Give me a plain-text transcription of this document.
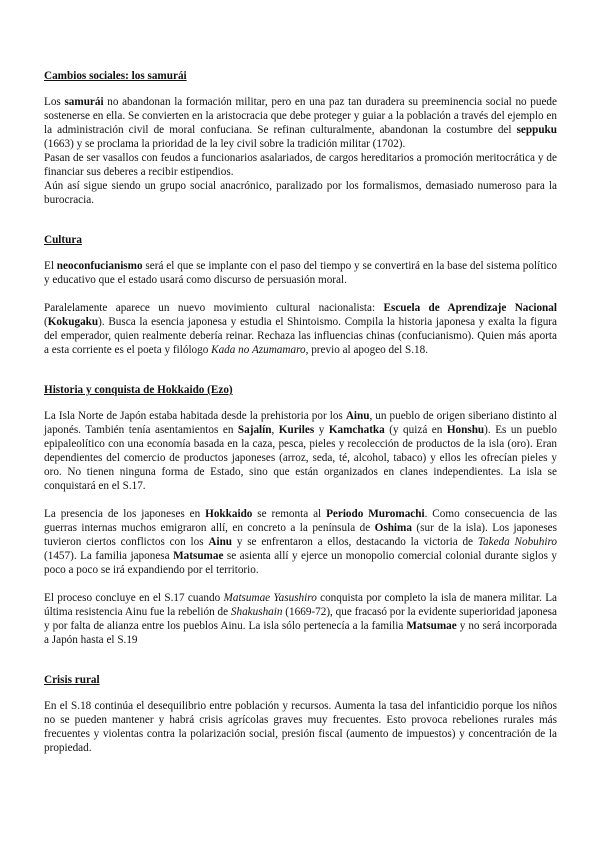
Cambios sociales: los samurái

Los samurái no abandonan la formación militar, pero en una paz tan duradera su preeminencia social no puede sostenerse en ella. Se convierten en la aristocracia que debe proteger y guiar a la población a través del ejemplo en la administración civil de moral confuciana. Se refinan culturalmente, abandonan la costumbre del seppuku (1663) y se proclama la prioridad de la ley civil sobre la tradición militar (1702).

Pasan de ser vasallos con feudos a funcionarios asalariados, de cargos hereditarios a promoción meritocrática y de financiar sus deberes a recibir estipendios.

Aún así sigue siendo un grupo social anacrónico, paralizado por los formalismos, demasiado numeroso para la burocracia.

Cultura

El neoconfucianismo será el que se implante con el paso del tiempo y se convertirá en la base del sistema político y educativo que el estado usará como discurso de persuasión moral.

Paralelamente aparece un nuevo movimiento cultural nacionalista: Escuela de Aprendizaje Nacional (Kokugaku). Busca la esencia japonesa y estudia el Shintoismo. Compila la historia japonesa y exalta la figura del emperador, quien realmente debería reinar. Rechaza las influencias chinas (confucianismo). Quien más aporta a esta corriente es el poeta y filólogo Kada no Azumamaro, previo al apogeo del S.18.

Historia y conquista de Hokkaido (Ezo)

La Isla Norte de Japón estaba habitada desde la prehistoria por los Ainu, un pueblo de origen siberiano distinto al japonés. También tenía asentamientos en Sajalín, Kuriles y Kamchatka (y quizá en Honshu). Es un pueblo epipaleolítico con una economía basada en la caza, pesca, pieles y recolección de productos de la isla (oro). Eran dependientes del comercio de productos japoneses (arroz, seda, té, alcohol, tabaco) y ellos les ofrecían pieles y oro. No tienen ninguna forma de Estado, sino que están organizados en clanes independientes. La isla se conquistará en el S.17.

La presencia de los japoneses en Hokkaido se remonta al Periodo Muromachi. Como consecuencia de las guerras internas muchos emigraron allí, en concreto a la península de Oshima (sur de la isla). Los japoneses tuvieron ciertos conflictos con los Ainu y se enfrentaron a ellos, destacando la victoria de Takeda Nobuhiro (1457). La familia japonesa Matsumae se asienta allí y ejerce un monopolio comercial colonial durante siglos y poco a poco se irá expandiendo por el territorio.

El proceso concluye en el S.17 cuando Matsumae Yasushiro conquista por completo la isla de manera militar. La última resistencia Ainu fue la rebelión de Shakushain (1669-72), que fracasó por la evidente superioridad japonesa y por falta de alianza entre los pueblos Ainu. La isla sólo pertenecía a la familia Matsumae y no será incorporada a Japón hasta el S.19

Crisis rural

En el S.18 continúa el desequilibrio entre población y recursos. Aumenta la tasa del infanticidio porque los niños no se pueden mantener y habrá crisis agrícolas graves muy frecuentes. Esto provoca rebeliones rurales más frecuentes y violentas contra la polarización social, presión fiscal (aumento de impuestos) y concentración de la propiedad.
